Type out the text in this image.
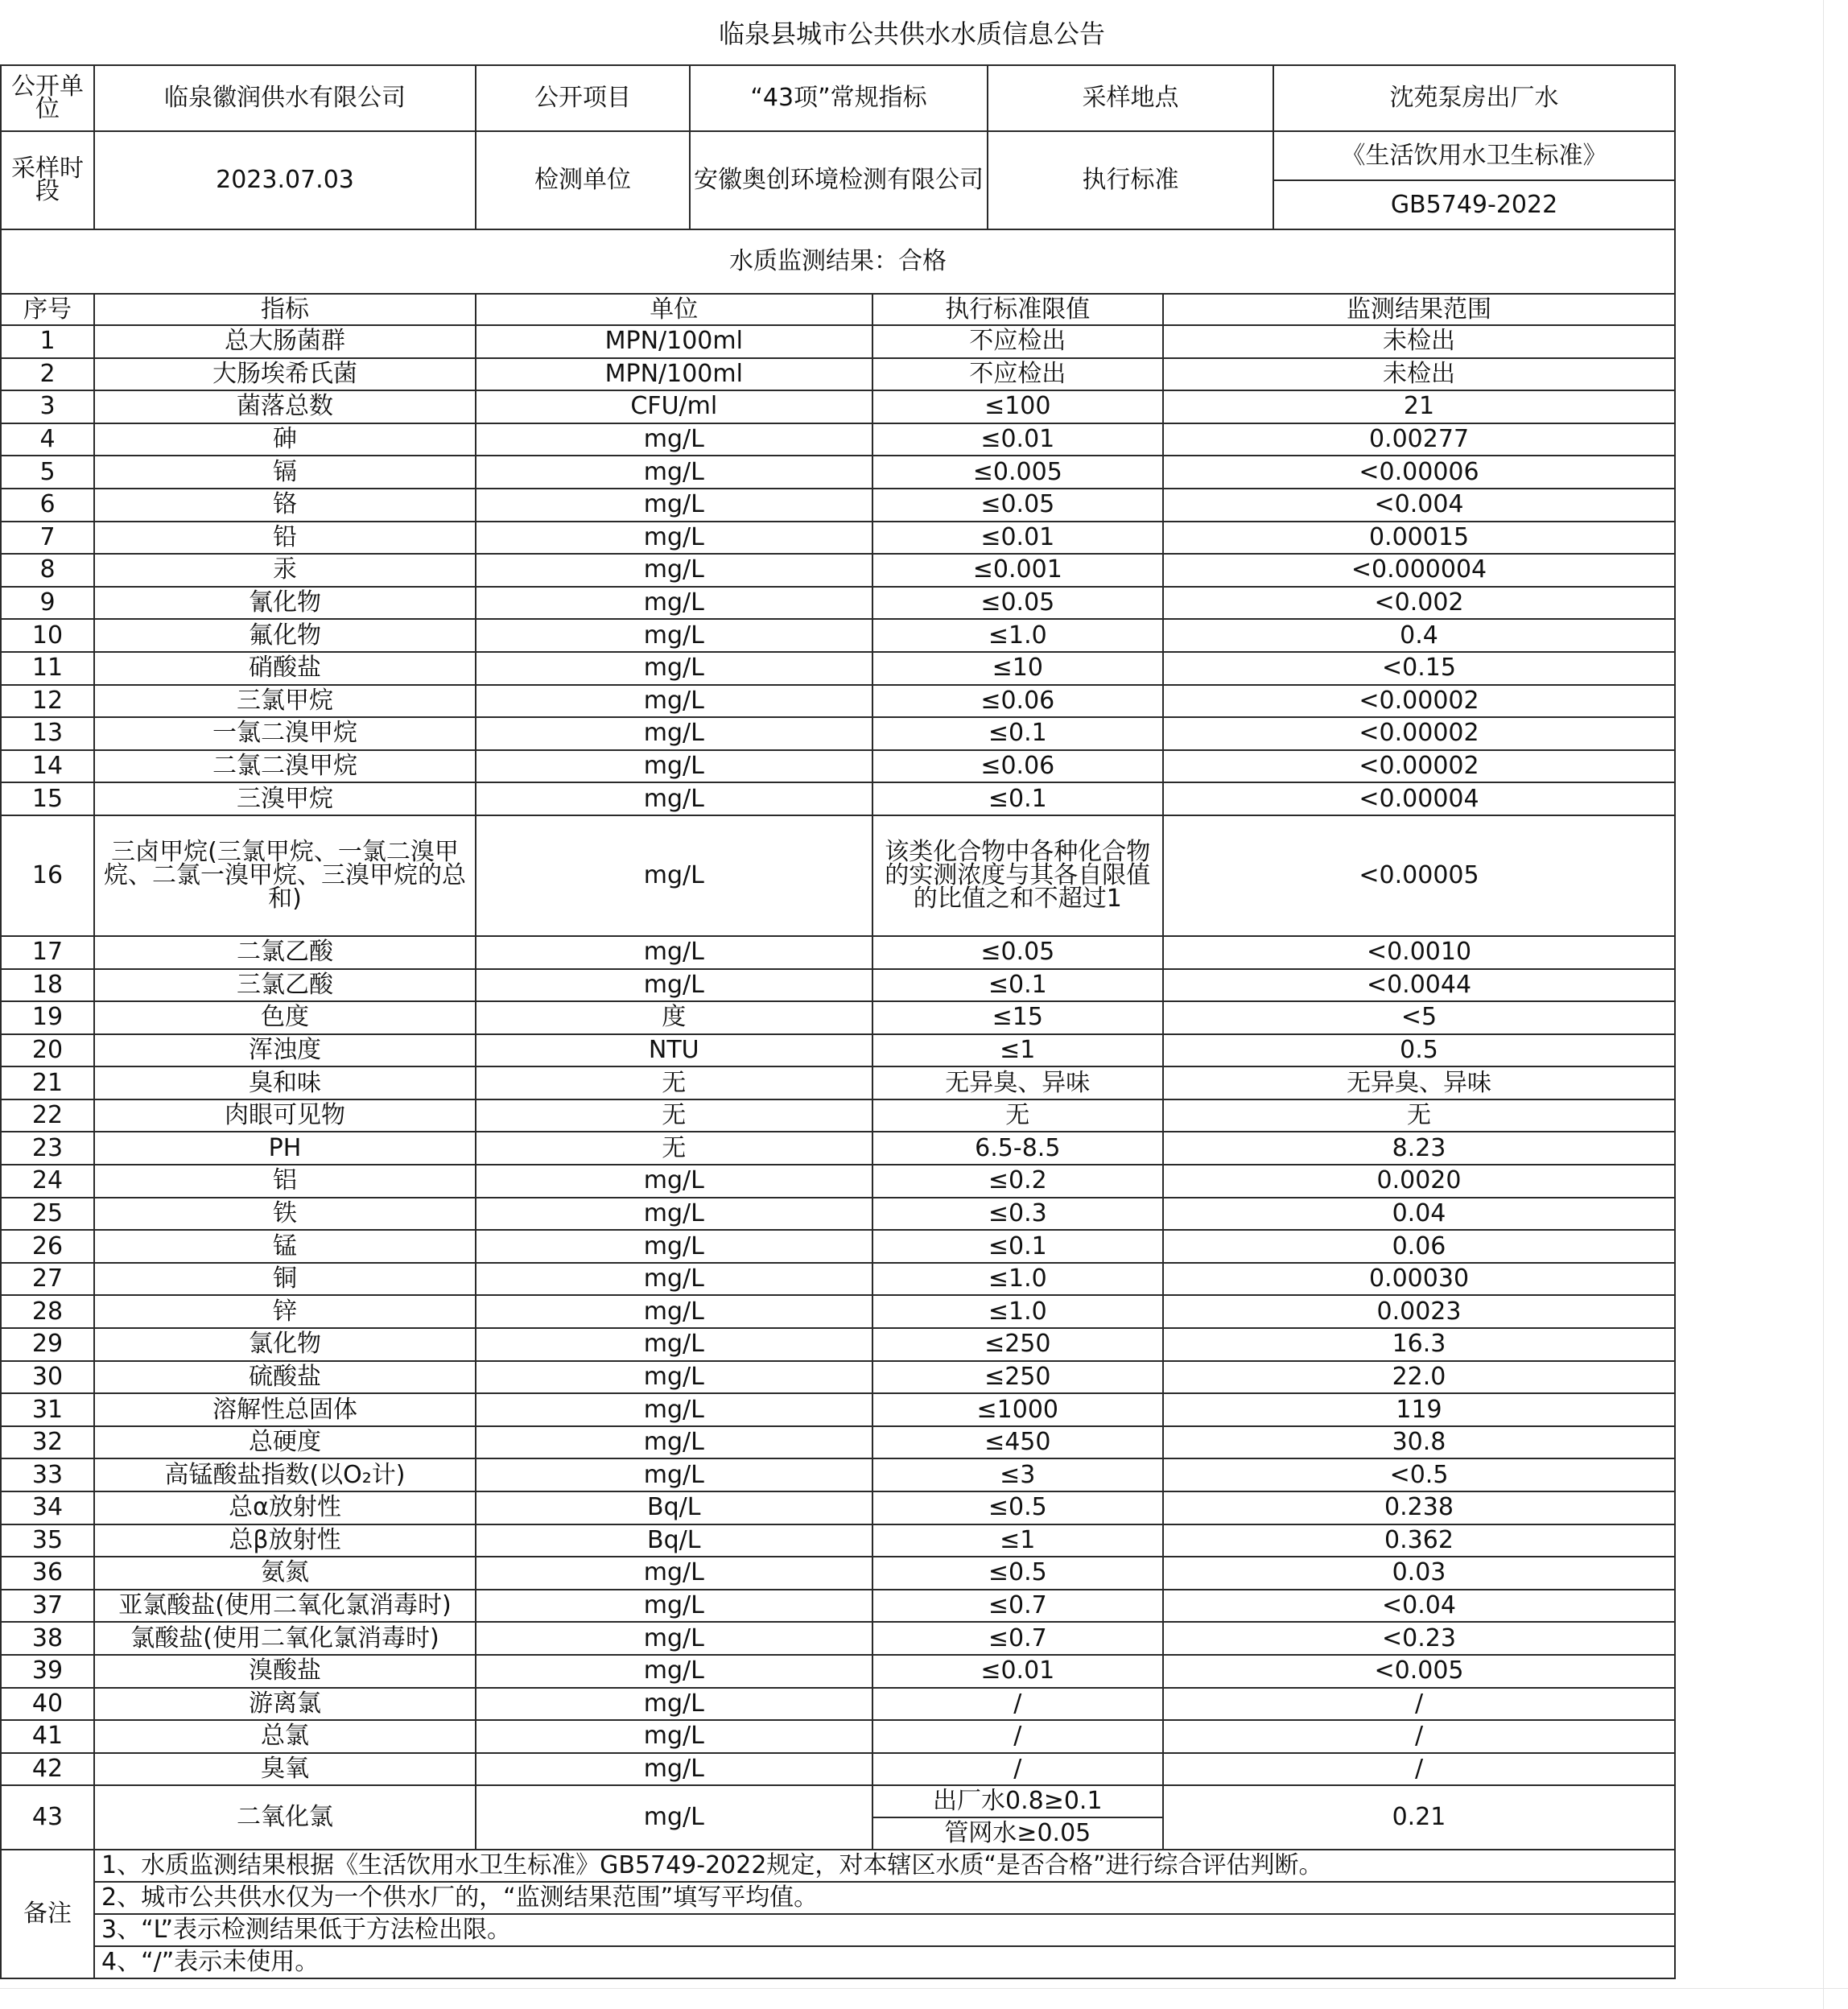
临泉县城市公共供水水质信息公告
公开单位	临泉徽润供水有限公司	公开项目	“43项”常规指标		采样地点		沈苑泵房出厂水
采样时段	2023.07.03	检测单位	安徽奥创环境检测有限公司		执行标准		《生活饮用水卫生标准》
							GB5749-2022
水质监测结果：合格							
序号	指标	单位		执行标准限值		监测结果范围	
1	总大肠菌群	MPN/100ml		不应检出		未检出	
2	大肠埃希氏菌	MPN/100ml		不应检出		未检出	
3	菌落总数	CFU/ml		≤100		21	
4	砷	mg/L		≤0.01		0.00277	
5	镉	mg/L		≤0.005		<0.00006	
6	铬	mg/L		≤0.05		<0.004	
7	铅	mg/L		≤0.01		0.00015	
8	汞	mg/L		≤0.001		<0.000004	
9	氰化物	mg/L		≤0.05		<0.002	
10	氟化物	mg/L		≤1.0		0.4	
11	硝酸盐	mg/L		≤10		<0.15	
12	三氯甲烷	mg/L		≤0.06		<0.00002	
13	一氯二溴甲烷	mg/L		≤0.1		<0.00002	
14	二氯二溴甲烷	mg/L		≤0.06		<0.00002	
15	三溴甲烷	mg/L		≤0.1		<0.00004	
16	三卤甲烷(三氯甲烷、一氯二溴甲烷、二氯一溴甲烷、三溴甲烷的总和)	mg/L		该类化合物中各种化合物的实测浓度与其各自限值的比值之和不超过1		<0.00005	
17	二氯乙酸	mg/L		≤0.05		<0.0010	
18	三氯乙酸	mg/L		≤0.1		<0.0044	
19	色度	度		≤15		<5	
20	浑浊度	NTU		≤1		0.5	
21	臭和味	无		无异臭、异味		无异臭、异味	
22	肉眼可见物	无		无		无	
23	PH	无		6.5-8.5		8.23	
24	铝	mg/L		≤0.2		0.0020	
25	铁	mg/L		≤0.3		0.04	
26	锰	mg/L		≤0.1		0.06	
27	铜	mg/L		≤1.0		0.00030	
28	锌	mg/L		≤1.0		0.0023	
29	氯化物	mg/L		≤250		16.3	
30	硫酸盐	mg/L		≤250		22.0	
31	溶解性总固体	mg/L		≤1000		119	
32	总硬度	mg/L		≤450		30.8	
33	高锰酸盐指数(以O₂计)	mg/L		≤3		<0.5	
34	总α放射性	Bq/L		≤0.5		0.238	
35	总β放射性	Bq/L		≤1		0.362	
36	氨氮	mg/L		≤0.5		0.03	
37	亚氯酸盐(使用二氧化氯消毒时)	mg/L		≤0.7		<0.04	
38	氯酸盐(使用二氧化氯消毒时)	mg/L		≤0.7		<0.23	
39	溴酸盐	mg/L		≤0.01		<0.005	
40	游离氯	mg/L		/		/	
41	总氯	mg/L		/		/	
42	臭氧	mg/L		/		/	
43	二氧化氯	mg/L		出厂水0.8≥0.1		0.21	
				管网水≥0.05			
备注	1、水质监测结果根据《生活饮用水卫生标准》GB5749-2022规定，对本辖区水质“是否合格”进行综合评估判断。						
	2、城市公共供水仅为一个供水厂的，“监测结果范围”填写平均值。						
	3、“L”表示检测结果低于方法检出限。						
	4、“/”表示未使用。						
